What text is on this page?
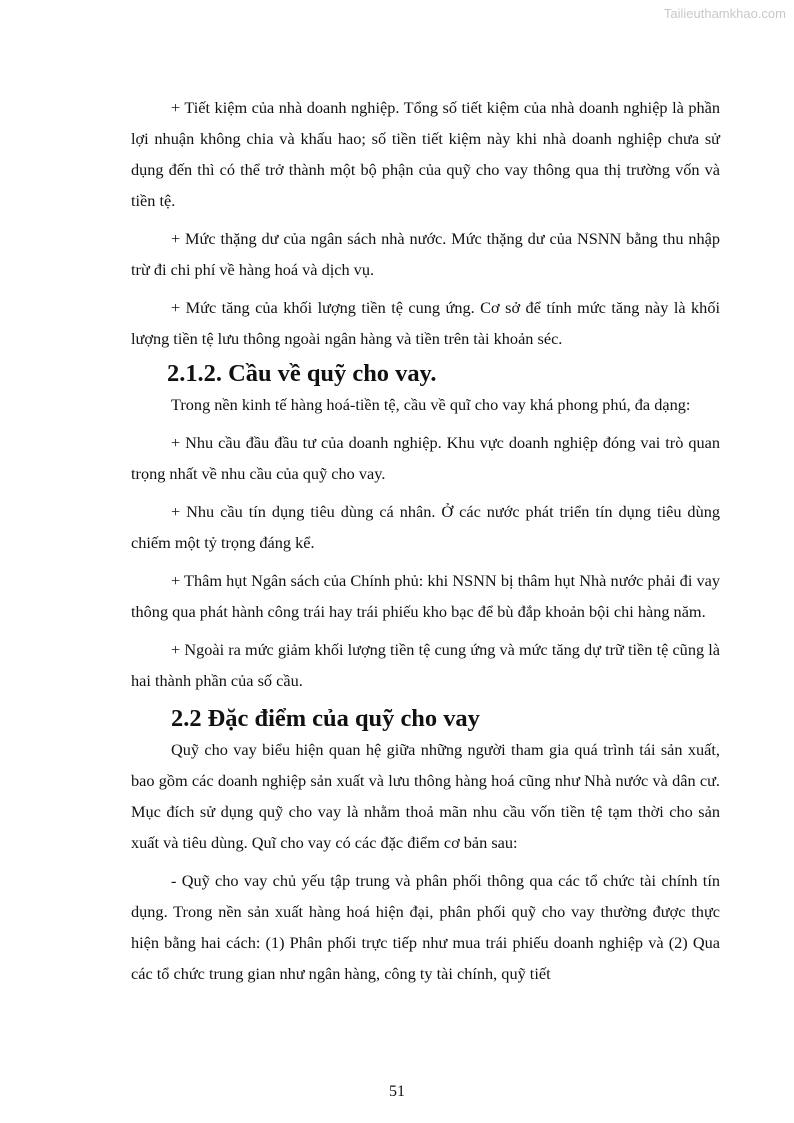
Tailieuthamkhao.com

+ Tiết kiệm của nhà doanh nghiệp. Tổng số tiết kiệm của nhà doanh nghiệp là phần lợi nhuận không chia và khấu hao; số tiền tiết kiệm này khi nhà doanh nghiệp chưa sử dụng đến thì có thể trở thành một bộ phận của quỹ cho vay thông qua thị trường vốn và tiền tệ.

+ Mức thặng dư của ngân sách nhà nước. Mức thặng dư của NSNN bằng thu nhập trừ đi chi phí về hàng hoá và dịch vụ.

+ Mức tăng của khối lượng tiền tệ cung ứng. Cơ sở để tính mức tăng này là khối lượng tiền tệ lưu thông ngoài ngân hàng và tiền trên tài khoản séc.

2.1.2. Cầu về quỹ cho vay.

Trong nền kinh tế hàng hoá-tiền tệ, cầu về quĩ cho vay khá phong phú, đa dạng:

+ Nhu cầu đầu đầu tư của doanh nghiệp. Khu vực doanh nghiệp đóng vai trò quan trọng nhất về nhu cầu của quỹ cho vay.

+ Nhu cầu tín dụng tiêu dùng cá nhân. Ở các nước phát triển tín dụng tiêu dùng chiếm một tỷ trọng đáng kể.

+ Thâm hụt Ngân sách của Chính phủ: khi NSNN bị thâm hụt Nhà nước phải đi vay thông qua phát hành công trái hay trái phiếu kho bạc để bù đắp khoản bội chi hàng năm.

+ Ngoài ra mức giảm khối lượng tiền tệ cung ứng và mức tăng dự trữ tiền tệ cũng là hai thành phần của số cầu.

2.2 Đặc điểm của quỹ cho vay

Quỹ cho vay biểu hiện quan hệ giữa những người tham gia quá trình tái sản xuất, bao gồm các doanh nghiệp sản xuất và lưu thông hàng hoá cũng như Nhà nước và dân cư. Mục đích sử dụng quỹ cho vay là nhằm thoả mãn nhu cầu vốn tiền tệ tạm thời cho sản xuất và tiêu dùng. Quĩ cho vay có các đặc điểm cơ bản sau:

- Quỹ cho vay chủ yếu tập trung và phân phối thông qua các tổ chức tài chính tín dụng. Trong nền sản xuất hàng hoá hiện đại, phân phối quỹ cho vay thường được thực hiện bằng hai cách: (1) Phân phối trực tiếp như mua trái phiếu doanh nghiệp và (2) Qua các tổ chức trung gian như ngân hàng, công ty tài chính, quỹ tiết

51
